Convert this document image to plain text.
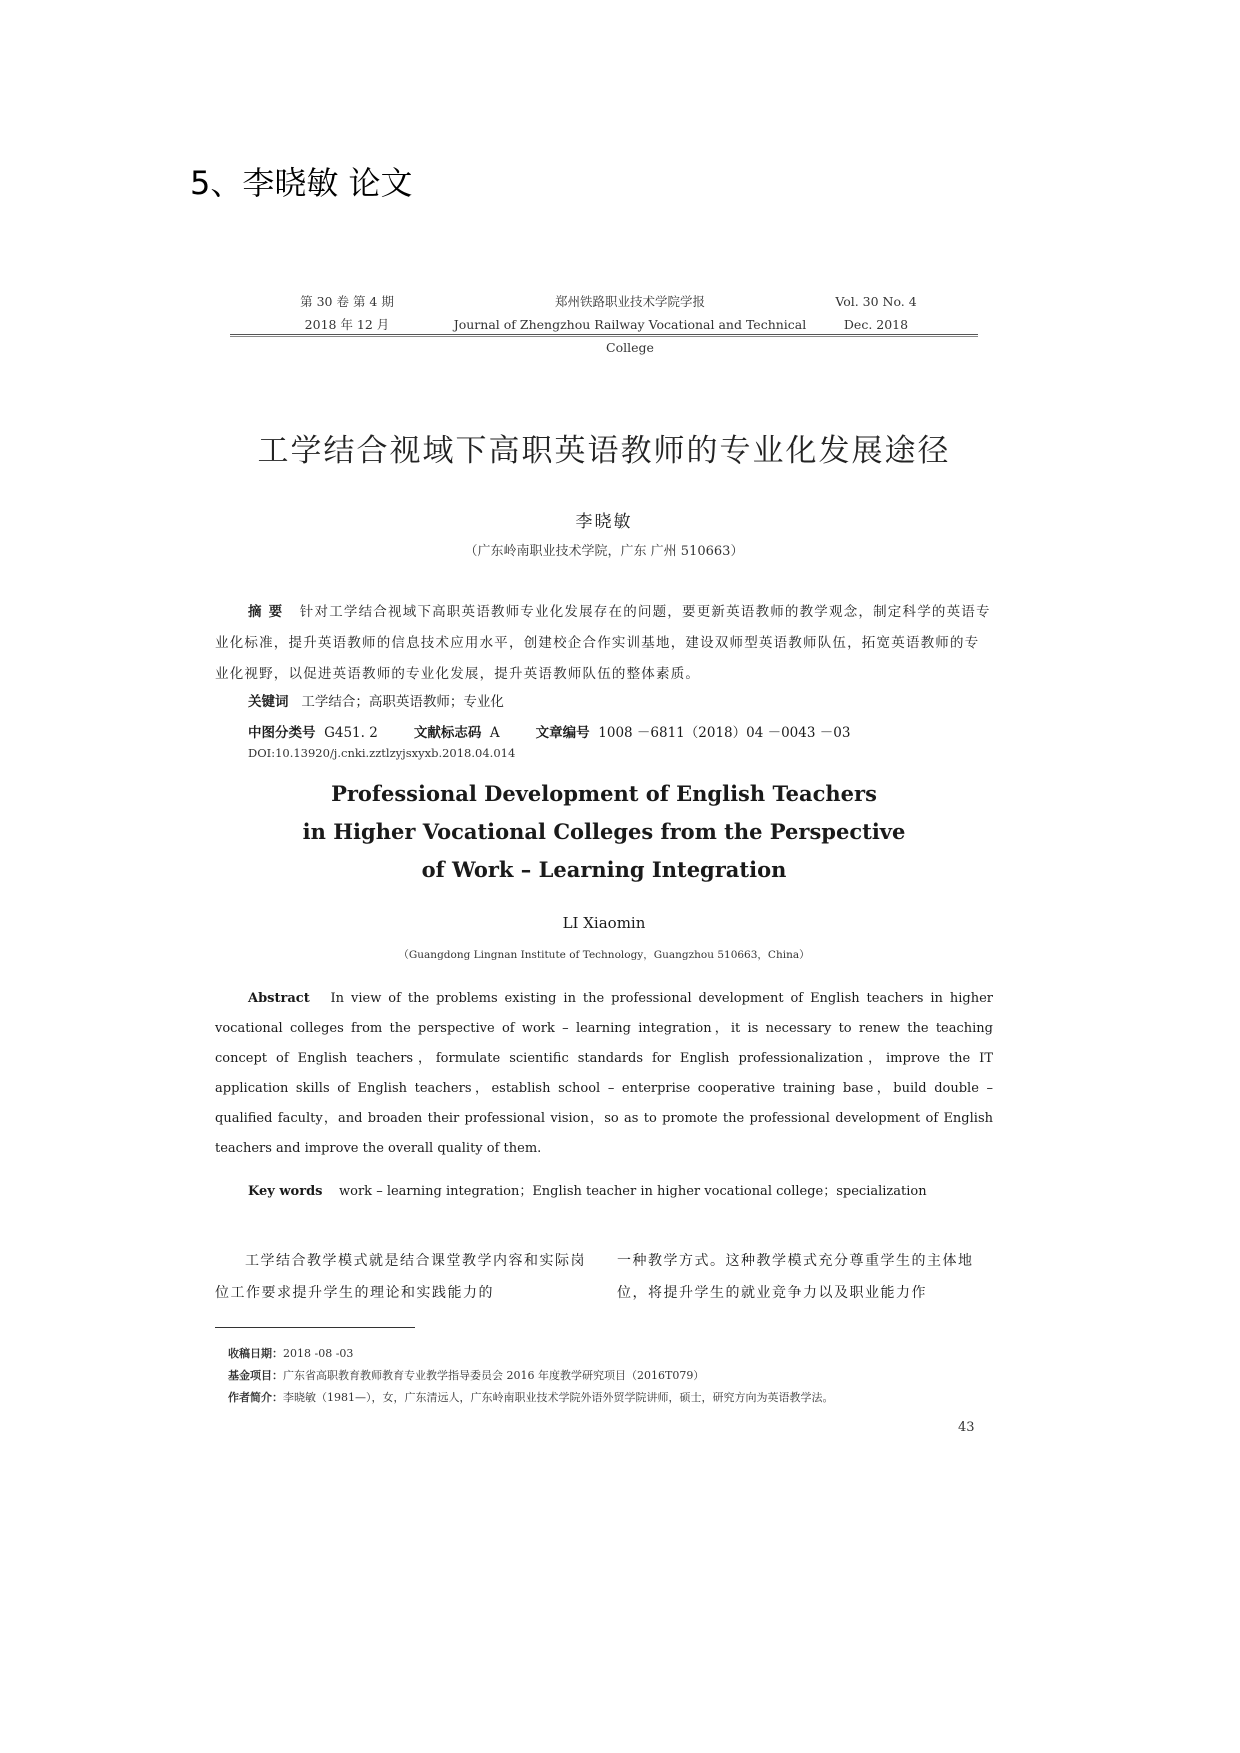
5、李晓敏 论文
第 30 卷 第 4 期
2018 年 12 月
郑州铁路职业技术学院学报
Journal of Zhengzhou Railway Vocational and Technical College
Vol. 30 No. 4
Dec. 2018
工学结合视域下高职英语教师的专业化发展途径
李晓敏
（广东岭南职业技术学院，广东 广州 510663）
摘 要 针对工学结合视域下高职英语教师专业化发展存在的问题，要更新英语教师的教学观念，制定科学的英语专业化标准，提升英语教师的信息技术应用水平，创建校企合作实训基地，建设双师型英语教师队伍，拓宽英语教师的专业化视野，以促进英语教师的专业化发展，提升英语教师队伍的整体素质。
关键词 工学结合；高职英语教师；专业化
中图分类号 G451. 2	文献标志码 A	文章编号 1008 －6811（2018）04 －0043 －03
DOI:10.13920/j.cnki.zztlzyjsxyxb.2018.04.014
Professional Development of English Teachers
in Higher Vocational Colleges from the Perspective
of Work – Learning Integration
LI Xiaomin
（Guangdong Lingnan Institute of Technology，Guangzhou 510663，China）
Abstract In view of the problems existing in the professional development of English teachers in higher vocational colleges from the perspective of work – learning integration，it is necessary to renew the teaching concept of English teachers，formulate scientific standards for English professionalization，improve the IT application skills of English teachers，establish school – enterprise cooperative training base，build double – qualified faculty，and broaden their professional vision，so as to promote the professional development of English teachers and improve the overall quality of them.
Key words work – learning integration；English teacher in higher vocational college；specialization
工学结合教学模式就是结合课堂教学内容和实际岗位工作要求提升学生的理论和实践能力的
一种教学方式。这种教学模式充分尊重学生的主体地位，将提升学生的就业竞争力以及职业能力作
收稿日期：2018 -08 -03
基金项目：广东省高职教育教师教育专业教学指导委员会 2016 年度教学研究项目（2016T079）
作者简介：李晓敏（1981—），女，广东清远人，广东岭南职业技术学院外语外贸学院讲师，硕士，研究方向为英语教学法。
43
